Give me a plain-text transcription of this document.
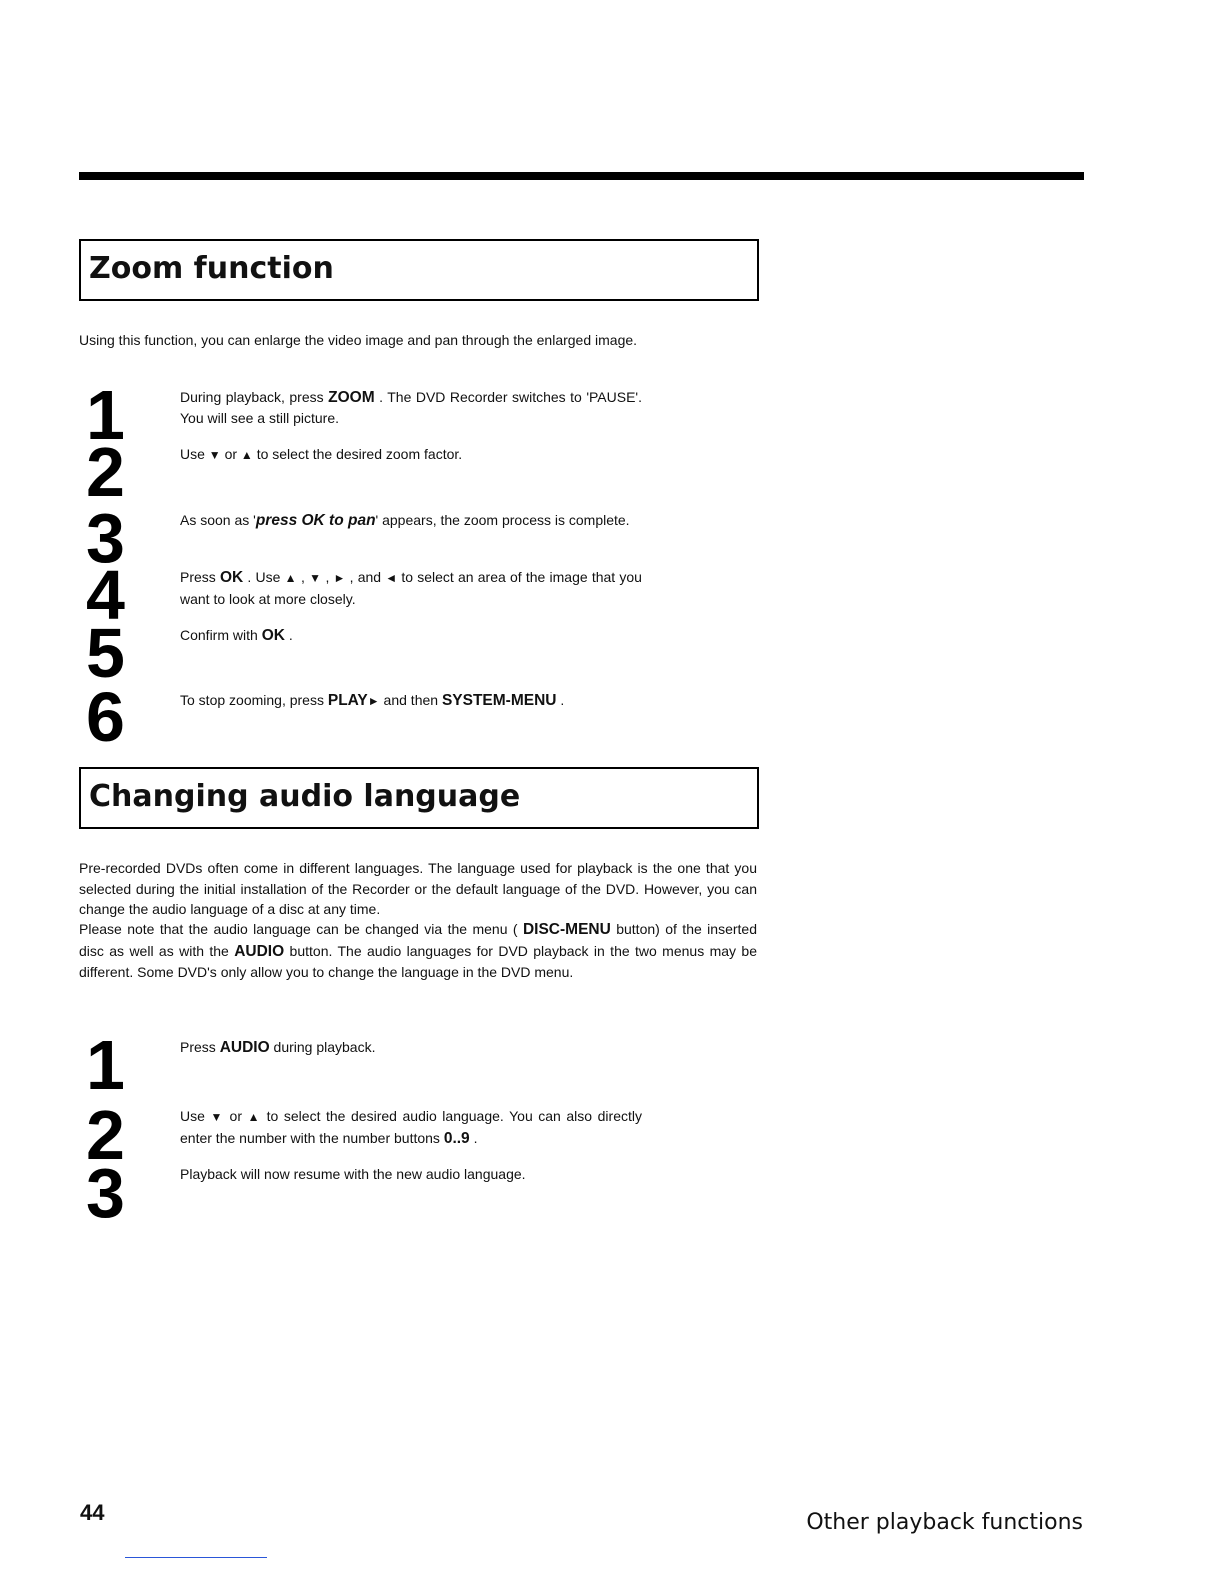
Zoom function
Using this function, you can enlarge the video image and pan through the enlarged image.
1
2
3
4
5
6
During playback, press ZOOM . The DVD Recorder switches to 'PAUSE'. You will see a still picture.
Use ▼ or ▲ to select the desired zoom factor.
As soon as 'press OK to pan' appears, the zoom process is complete.
Press OK . Use ▲ , ▼ , ► , and ◄ to select an area of the image that you want to look at more closely.
Confirm with OK .
To stop zooming, press PLAY► and then SYSTEM-MENU .
Changing audio language
Pre-recorded DVDs often come in different languages. The language used for playback is the one that you selected during the initial installation of the Recorder or the default language of the DVD. However, you can change the audio language of a disc at any time.
Please note that the audio language can be changed via the menu ( DISC-MENU button) of the inserted disc as well as with the AUDIO button. The audio languages for DVD playback in the two menus may be different. Some DVD's only allow you to change the language in the DVD menu.
1
2
3
Press AUDIO during playback.
Use ▼ or ▲ to select the desired audio language. You can also directly enter the number with the number buttons 0..9 .
Playback will now resume with the new audio language.
44	Other playback functions
